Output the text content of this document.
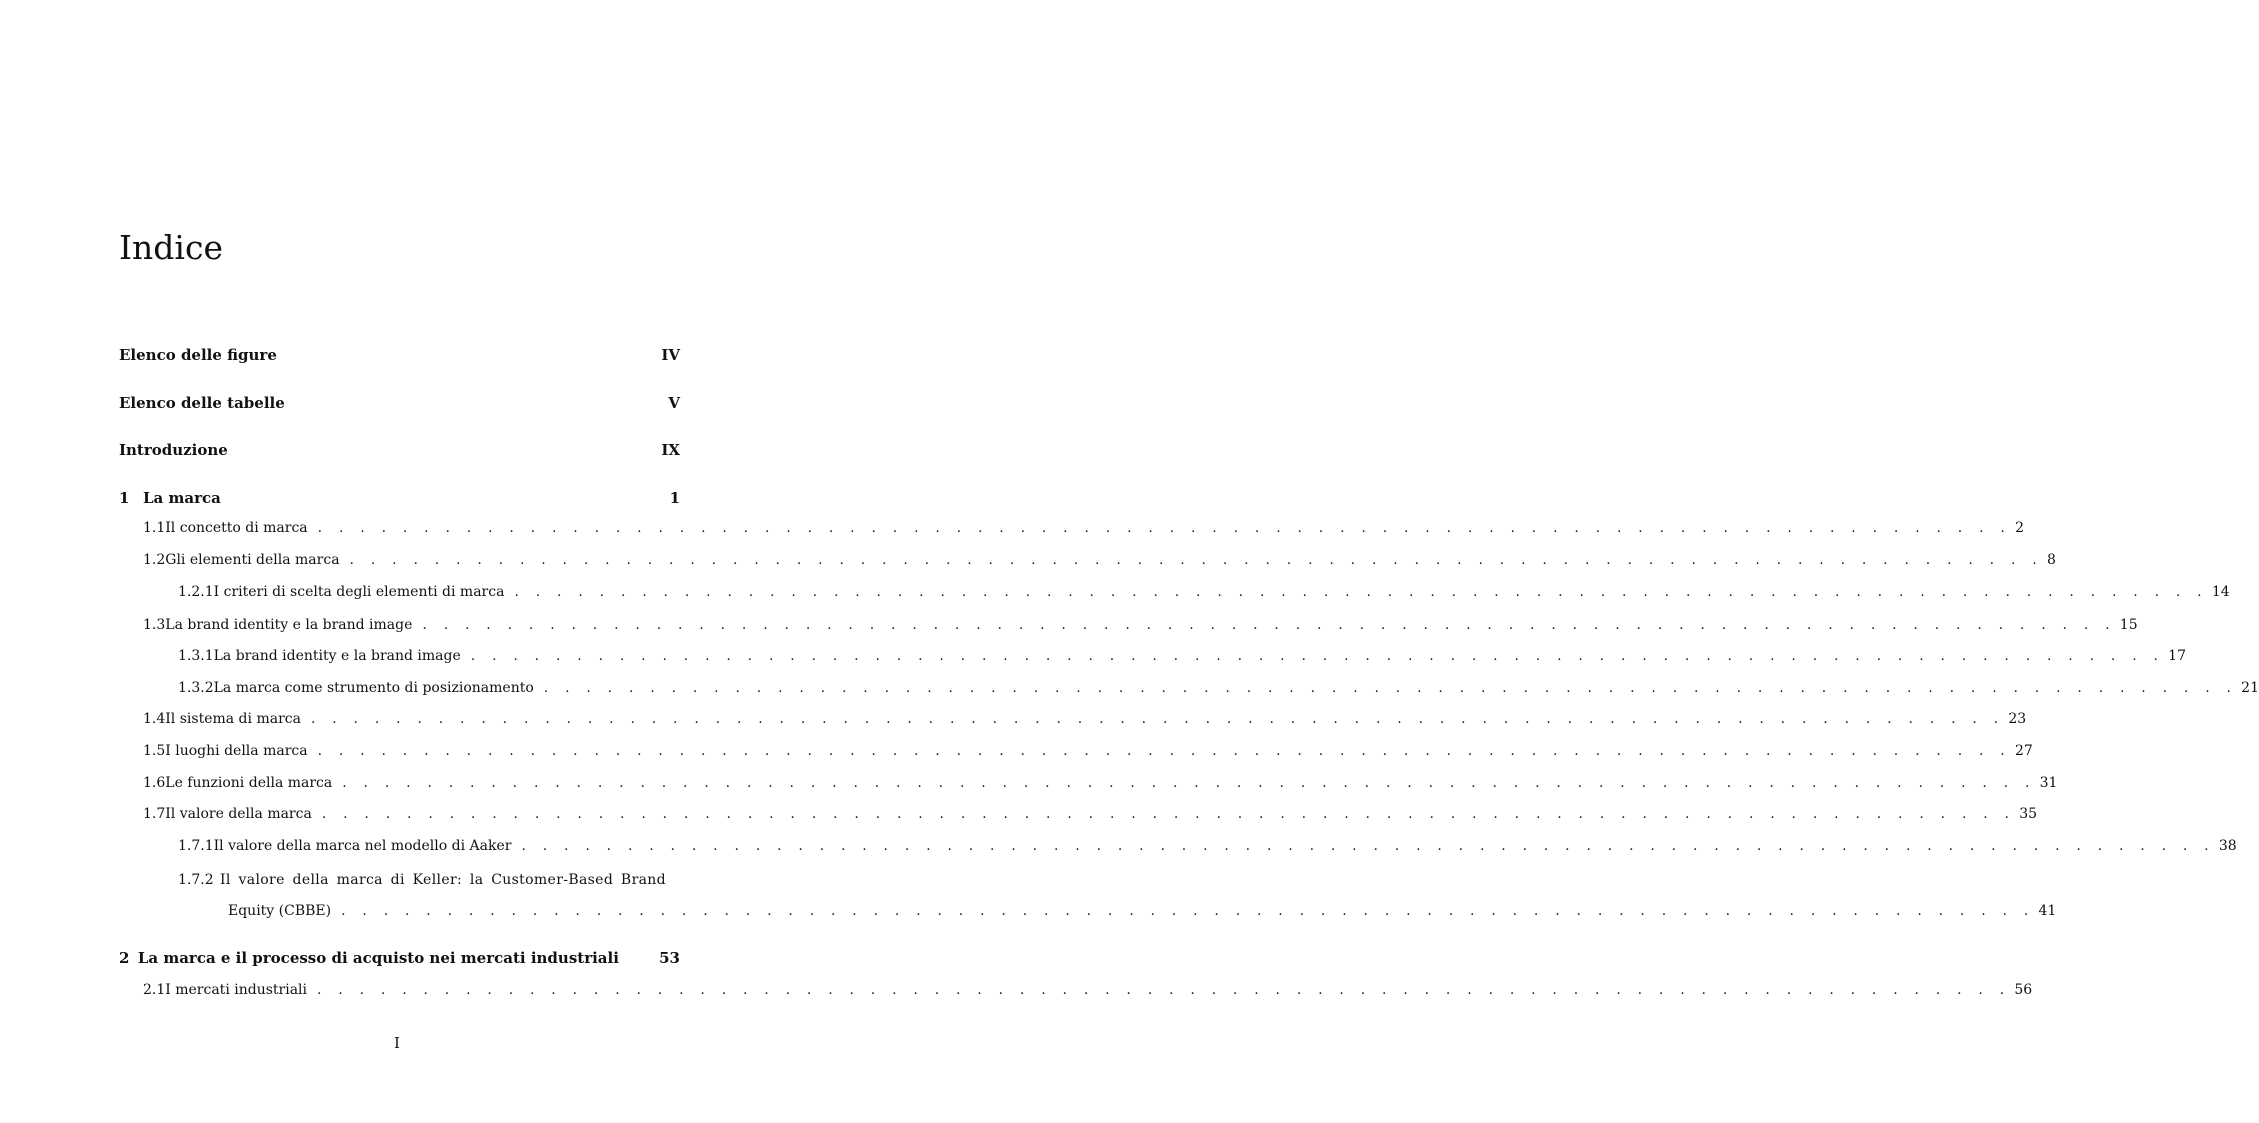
Indice
Elenco delle figure	IV
Elenco delle tabelle	V
Introduzione	IX
1 La marca	1
1.1 Il concetto di marca . . . . . . . . . . . . . . . . . . . . . . . . . . . . . . . . . . . . . . . . . . . . . . . . . . . . . . . . . . . . . . . . . . . . . . . . . . . . . . . . 2
1.2 Gli elementi della marca . . . . . . . . . . . . . . . . . . . . . . . . . . . . . . . . . . . . . . . . . . . . . . . . . . . . . . . . . . . . . . . . . . . . . . . . . . . . . . . . 8
1.2.1 I criteri di scelta degli elementi di marca . . . . . . . . . . . . . . . . . . . . . . . . . . . . . . . . . . . . . . . . . . . . . . . . . . . . . . . . . . . . . . . . . . . . . . . . . . . . . . . . 14
1.3 La brand identity e la brand image . . . . . . . . . . . . . . . . . . . . . . . . . . . . . . . . . . . . . . . . . . . . . . . . . . . . . . . . . . . . . . . . . . . . . . . . . . . . . . . . 15
1.3.1 La brand identity e la brand image . . . . . . . . . . . . . . . . . . . . . . . . . . . . . . . . . . . . . . . . . . . . . . . . . . . . . . . . . . . . . . . . . . . . . . . . . . . . . . . . 17
1.3.2 La marca come strumento di posizionamento . . . . . . . . . . . . . . . . . . . . . . . . . . . . . . . . . . . . . . . . . . . . . . . . . . . . . . . . . . . . . . . . . . . . . . . . . . . . . . . . 21
1.4 Il sistema di marca . . . . . . . . . . . . . . . . . . . . . . . . . . . . . . . . . . . . . . . . . . . . . . . . . . . . . . . . . . . . . . . . . . . . . . . . . . . . . . . . 23
1.5 I luoghi della marca . . . . . . . . . . . . . . . . . . . . . . . . . . . . . . . . . . . . . . . . . . . . . . . . . . . . . . . . . . . . . . . . . . . . . . . . . . . . . . . . 27
1.6 Le funzioni della marca . . . . . . . . . . . . . . . . . . . . . . . . . . . . . . . . . . . . . . . . . . . . . . . . . . . . . . . . . . . . . . . . . . . . . . . . . . . . . . . . 31
1.7 Il valore della marca . . . . . . . . . . . . . . . . . . . . . . . . . . . . . . . . . . . . . . . . . . . . . . . . . . . . . . . . . . . . . . . . . . . . . . . . . . . . . . . . 35
1.7.1 Il valore della marca nel modello di Aaker . . . . . . . . . . . . . . . . . . . . . . . . . . . . . . . . . . . . . . . . . . . . . . . . . . . . . . . . . . . . . . . . . . . . . . . . . . . . . . . . 38
1.7.2 Il valore della marca di Keller: la Customer-Based Brand
Equity (CBBE) . . . . . . . . . . . . . . . . . . . . . . . . . . . . . . . . . . . . . . . . . . . . . . . . . . . . . . . . . . . . . . . . . . . . . . . . . . . . . . . . 41
2 La marca e il processo di acquisto nei mercati industriali	53
2.1 I mercati industriali . . . . . . . . . . . . . . . . . . . . . . . . . . . . . . . . . . . . . . . . . . . . . . . . . . . . . . . . . . . . . . . . . . . . . . . . . . . . . . . . 56
I
